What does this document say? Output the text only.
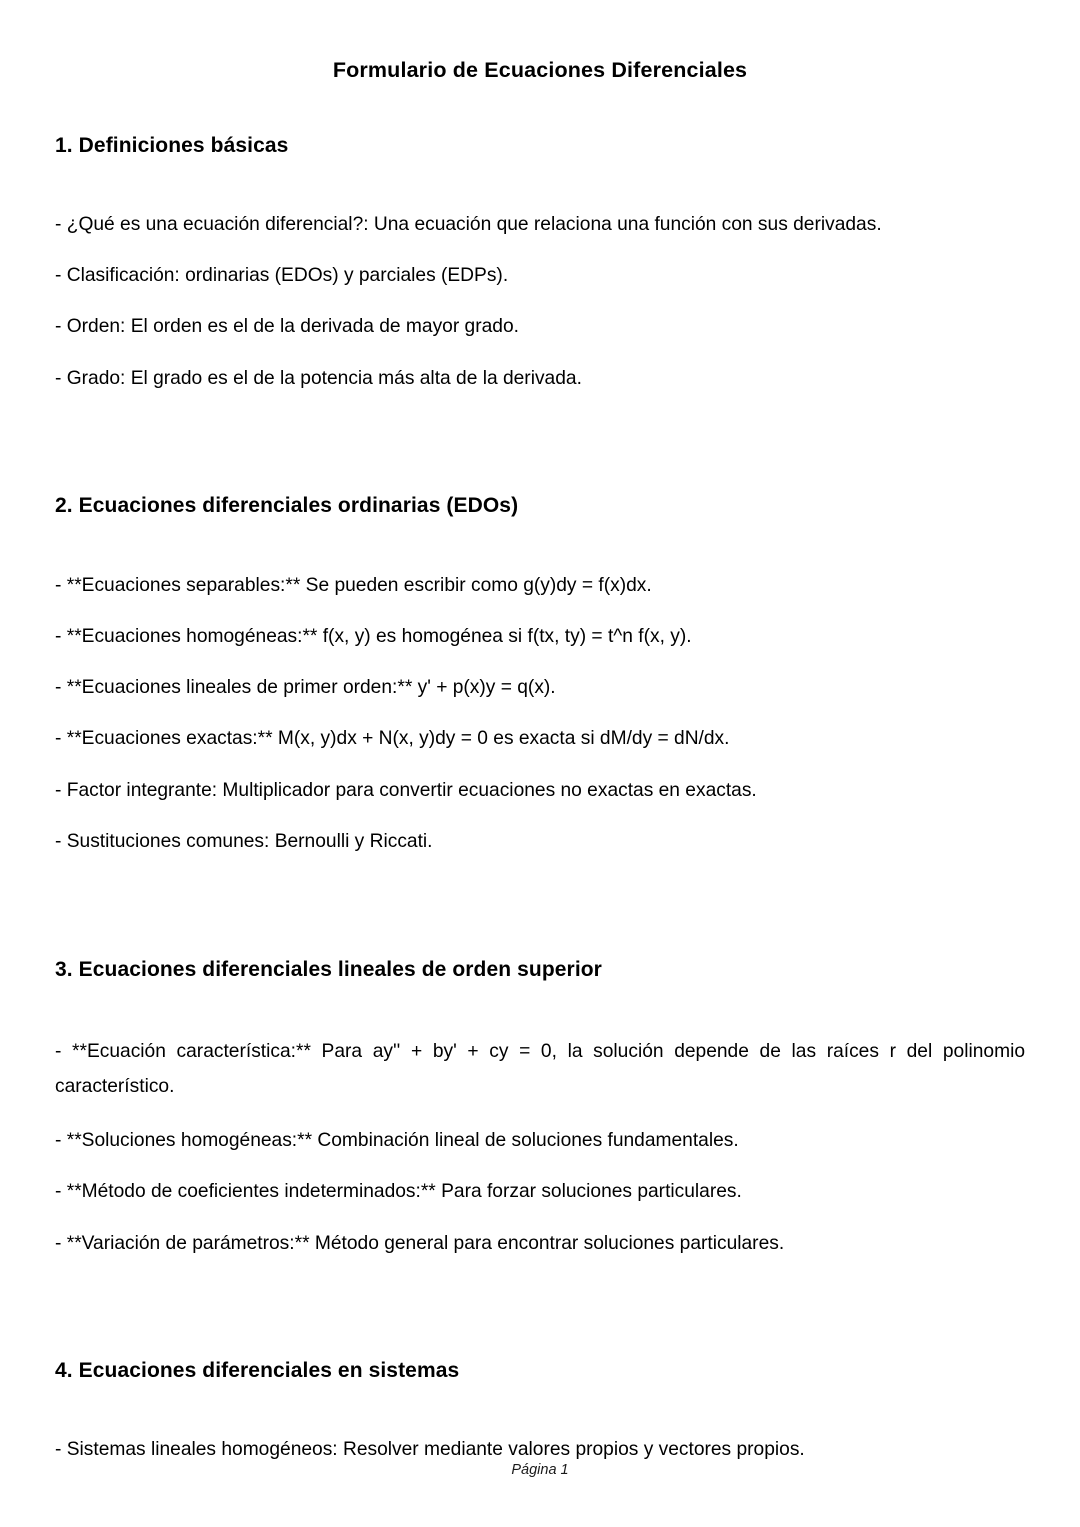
Formulario de Ecuaciones Diferenciales
1. Definiciones básicas

- ¿Qué es una ecuación diferencial?: Una ecuación que relaciona una función con sus derivadas.

- Clasificación: ordinarias (EDOs) y parciales (EDPs).

- Orden: El orden es el de la derivada de mayor grado.

- Grado: El grado es el de la potencia más alta de la derivada.

2. Ecuaciones diferenciales ordinarias (EDOs)

- **Ecuaciones separables:** Se pueden escribir como g(y)dy = f(x)dx.

- **Ecuaciones homogéneas:** f(x, y) es homogénea si f(tx, ty) = t^n f(x, y).

- **Ecuaciones lineales de primer orden:** y' + p(x)y = q(x).

- **Ecuaciones exactas:** M(x, y)dx + N(x, y)dy = 0 es exacta si dM/dy = dN/dx.

- Factor integrante: Multiplicador para convertir ecuaciones no exactas en exactas.

- Sustituciones comunes: Bernoulli y Riccati.

3. Ecuaciones diferenciales lineales de orden superior

- **Ecuación característica:** Para ay'' + by' + cy = 0, la solución depende de las raíces r del polinomio característico.

- **Soluciones homogéneas:** Combinación lineal de soluciones fundamentales.

- **Método de coeficientes indeterminados:** Para forzar soluciones particulares.

- **Variación de parámetros:** Método general para encontrar soluciones particulares.

4. Ecuaciones diferenciales en sistemas

- Sistemas lineales homogéneos: Resolver mediante valores propios y vectores propios.

Página 1
